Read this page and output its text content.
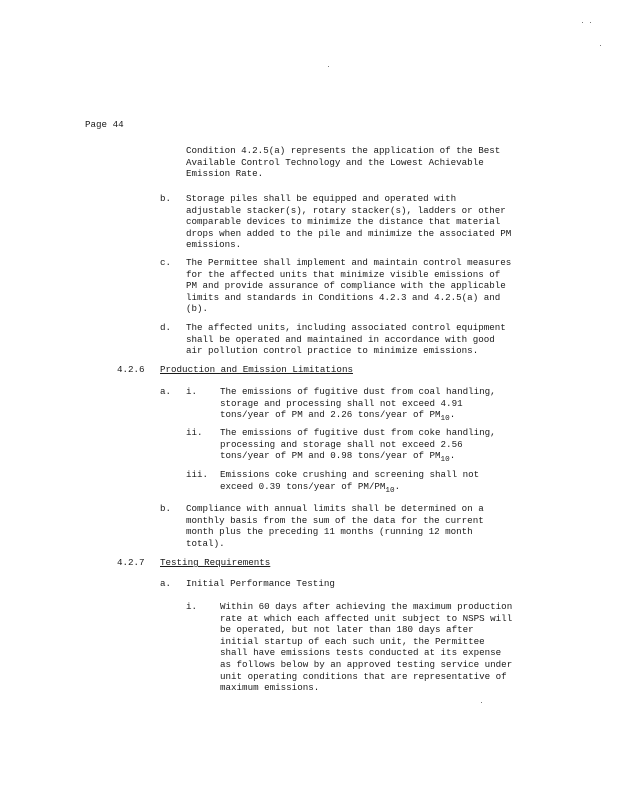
Page 44

Condition 4.2.5(a) represents the application of the Best

Available Control Technology and the Lowest Achievable

Emission Rate.

b. Storage piles shall be equipped and operated with

adjustable stacker(s), rotary stacker(s), ladders or other

comparable devices to minimize the distance that material

drops when added to the pile and minimize the associated PM

emissions.

c. The Permittee shall implement and maintain control measures

for the affected units that minimize visible emissions of

PM and provide assurance of compliance with the applicable

limits and standards in Conditions 4.2.3 and 4.2.5(a) and

(b).

d. The affected units, including associated control equipment

shall be operated and maintained in accordance with good

air pollution control practice to minimize emissions.

4.2.6 Production and Emission Limitations
a. i. The emissions of fugitive dust from coal handling,

storage and processing shall not exceed 4.91

tons/year of PM and 2.26 tons/year of $PM_{10}$.

ii. The emissions of fugitive dust from coke handling,

processing and storage shall not exceed 2.56

tons/year of PM and 0.98 tons/year of $PM_{10}$.

iii. Emissions coke crushing and screening shall not

exceed 0.39 tons/year of $PM/PM_{10}$.

b. Compliance with annual limits shall be determined on a

monthly basis from the sum of the data for the current

month plus the preceding 11 months (running 12 month

total).

4.2.7 Testing Requirements
a. Initial Performance Testing
i. Within 60 days after achieving the maximum production

rate at which each affected unit subject to NSPS will

be operated, but not later than 180 days after

initial startup of each such unit, the Permittee

shall have emissions tests conducted at its expense

as follows below by an approved testing service under

unit operating conditions that are representative of

maximum emissions.
